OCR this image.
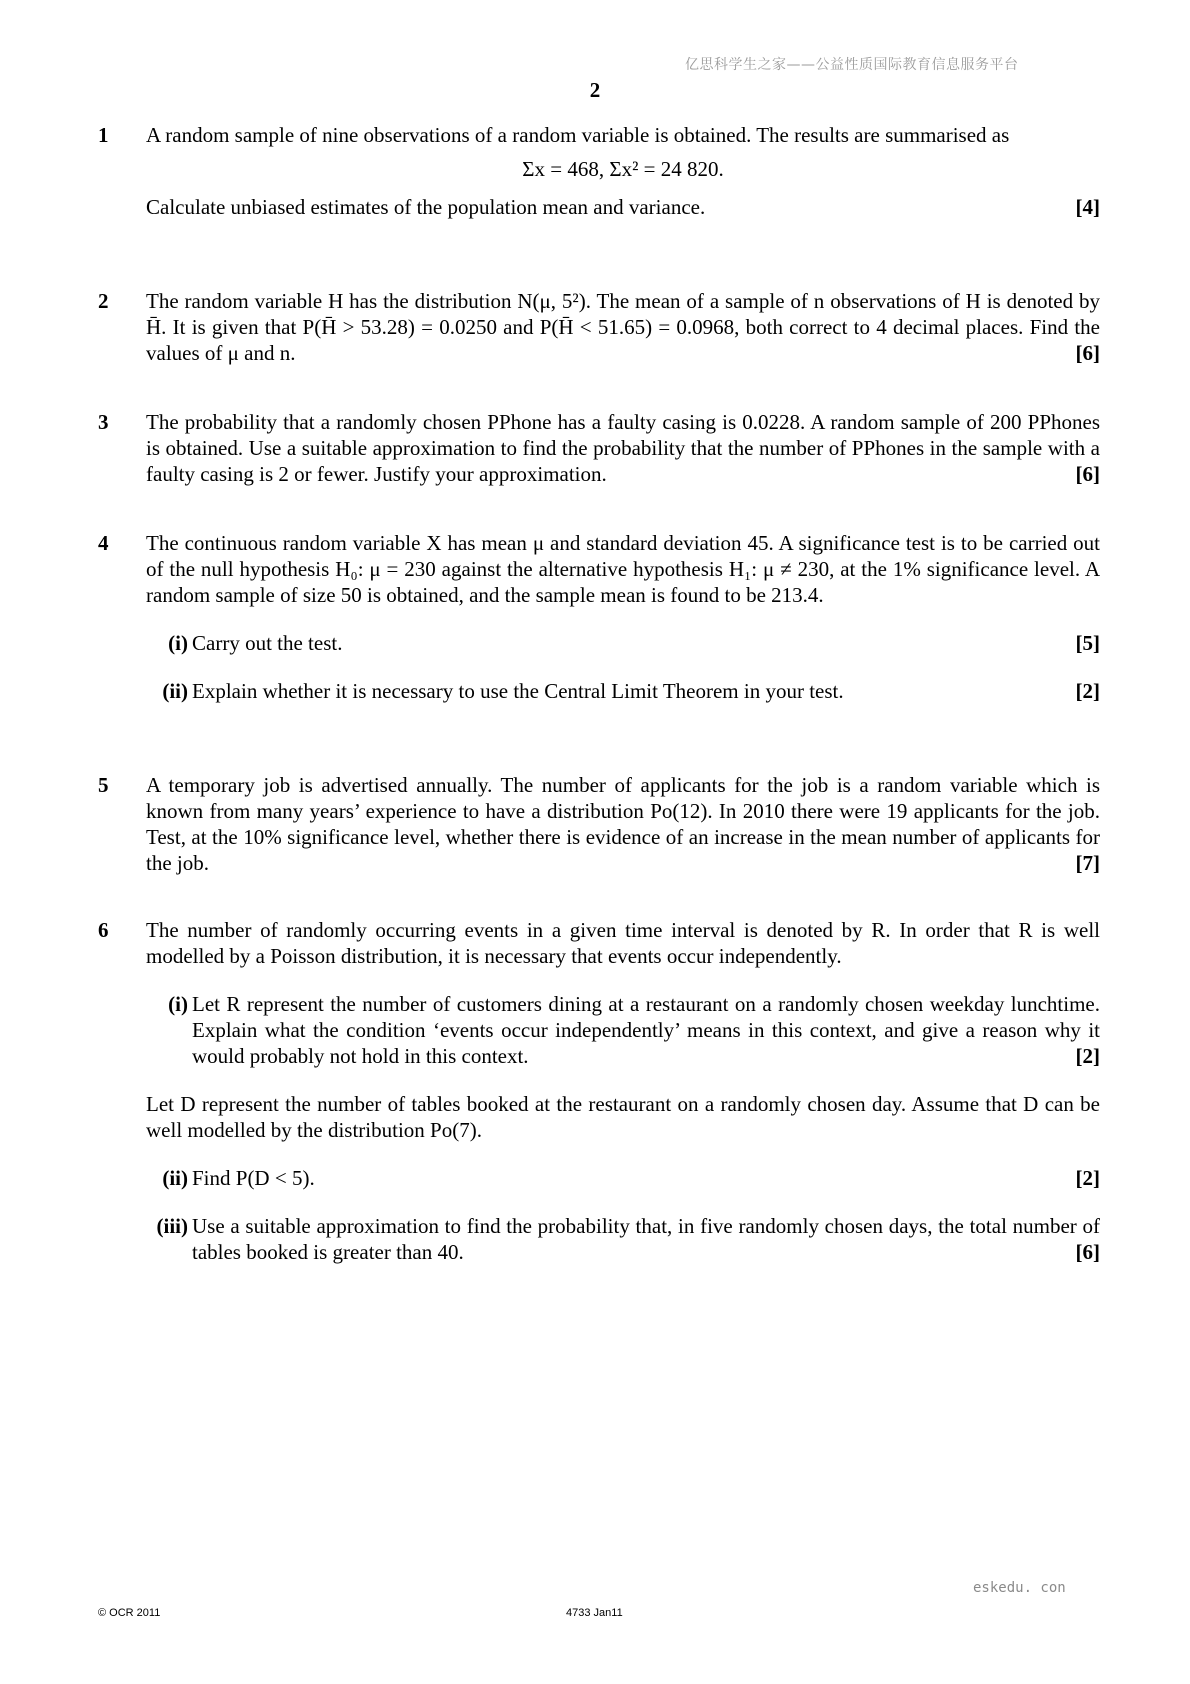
亿思科学生之家——公益性质国际教育信息服务平台
2
1 A random sample of nine observations of a random variable is obtained. The results are summarised as
Σx = 468, Σx² = 24 820.
Calculate unbiased estimates of the population mean and variance.	[4]
2 The random variable H has the distribution N(μ, 5²). The mean of a sample of n observations of H is denoted by H̄. It is given that P(H̄ > 53.28) = 0.0250 and P(H̄ < 51.65) = 0.0968, both correct to 4 decimal places. Find the values of μ and n.	[6]
3 The probability that a randomly chosen PPhone has a faulty casing is 0.0228. A random sample of 200 PPhones is obtained. Use a suitable approximation to find the probability that the number of PPhones in the sample with a faulty casing is 2 or fewer. Justify your approximation.	[6]
4 The continuous random variable X has mean μ and standard deviation 45. A significance test is to be carried out of the null hypothesis H₀: μ = 230 against the alternative hypothesis H₁: μ ≠ 230, at the 1% significance level. A random sample of size 50 is obtained, and the sample mean is found to be 213.4.
(i) Carry out the test.	[5]
(ii) Explain whether it is necessary to use the Central Limit Theorem in your test.	[2]
5 A temporary job is advertised annually. The number of applicants for the job is a random variable which is known from many years’ experience to have a distribution Po(12). In 2010 there were 19 applicants for the job. Test, at the 10% significance level, whether there is evidence of an increase in the mean number of applicants for the job.	[7]
6 The number of randomly occurring events in a given time interval is denoted by R. In order that R is well modelled by a Poisson distribution, it is necessary that events occur independently.
(i) Let R represent the number of customers dining at a restaurant on a randomly chosen weekday lunchtime. Explain what the condition ‘events occur independently’ means in this context, and give a reason why it would probably not hold in this context.	[2]
Let D represent the number of tables booked at the restaurant on a randomly chosen day. Assume that D can be well modelled by the distribution Po(7).
(ii) Find P(D < 5).	[2]
(iii) Use a suitable approximation to find the probability that, in five randomly chosen days, the total number of tables booked is greater than 40.	[6]
eskedu. con
© OCR 2011	4733 Jan11
